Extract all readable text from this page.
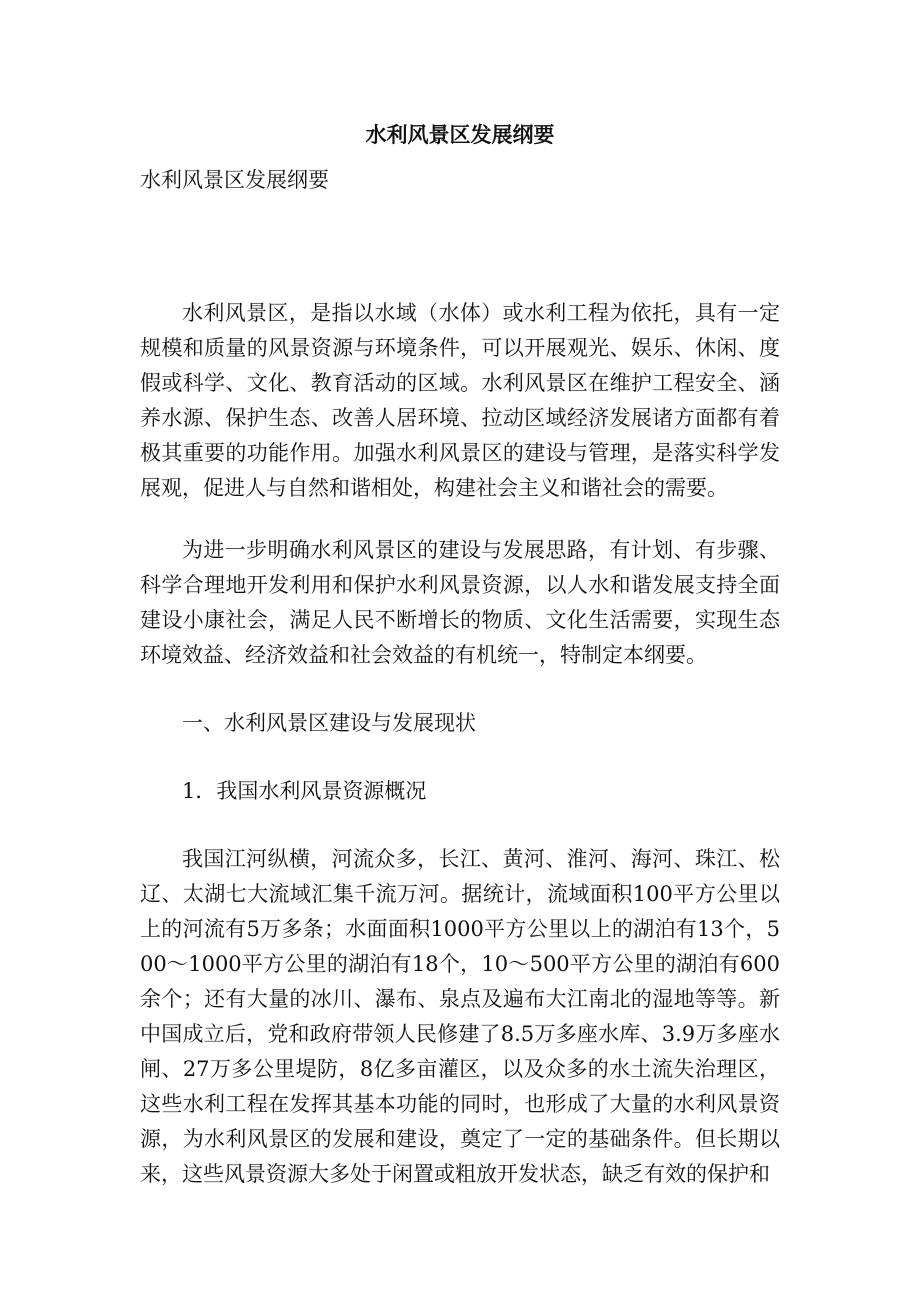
水利风景区发展纲要

水利风景区发展纲要

水利风景区，是指以水域（水体）或水利工程为依托，具有一定规模和质量的风景资源与环境条件，可以开展观光、娱乐、休闲、度假或科学、文化、教育活动的区域。水利风景区在维护工程安全、涵养水源、保护生态、改善人居环境、拉动区域经济发展诸方面都有着极其重要的功能作用。加强水利风景区的建设与管理，是落实科学发展观，促进人与自然和谐相处，构建社会主义和谐社会的需要。

为进一步明确水利风景区的建设与发展思路，有计划、有步骤、科学合理地开发利用和保护水利风景资源，以人水和谐发展支持全面建设小康社会，满足人民不断增长的物质、文化生活需要，实现生态环境效益、经济效益和社会效益的有机统一，特制定本纲要。

一、水利风景区建设与发展现状

1．我国水利风景资源概况

我国江河纵横，河流众多，长江、黄河、淮河、海河、珠江、松辽、太湖七大流域汇集千流万河。据统计，流域面积100平方公里以上的河流有5万多条；水面面积1000平方公里以上的湖泊有13个，500～1000平方公里的湖泊有18个，10～500平方公里的湖泊有600余个；还有大量的冰川、瀑布、泉点及遍布大江南北的湿地等等。新中国成立后，党和政府带领人民修建了8.5万多座水库、3.9万多座水闸、27万多公里堤防，8亿多亩灌区，以及众多的水土流失治理区，这些水利工程在发挥其基本功能的同时，也形成了大量的水利风景资源，为水利风景区的发展和建设，奠定了一定的基础条件。但长期以来，这些风景资源大多处于闲置或粗放开发状态，缺乏有效的保护和
